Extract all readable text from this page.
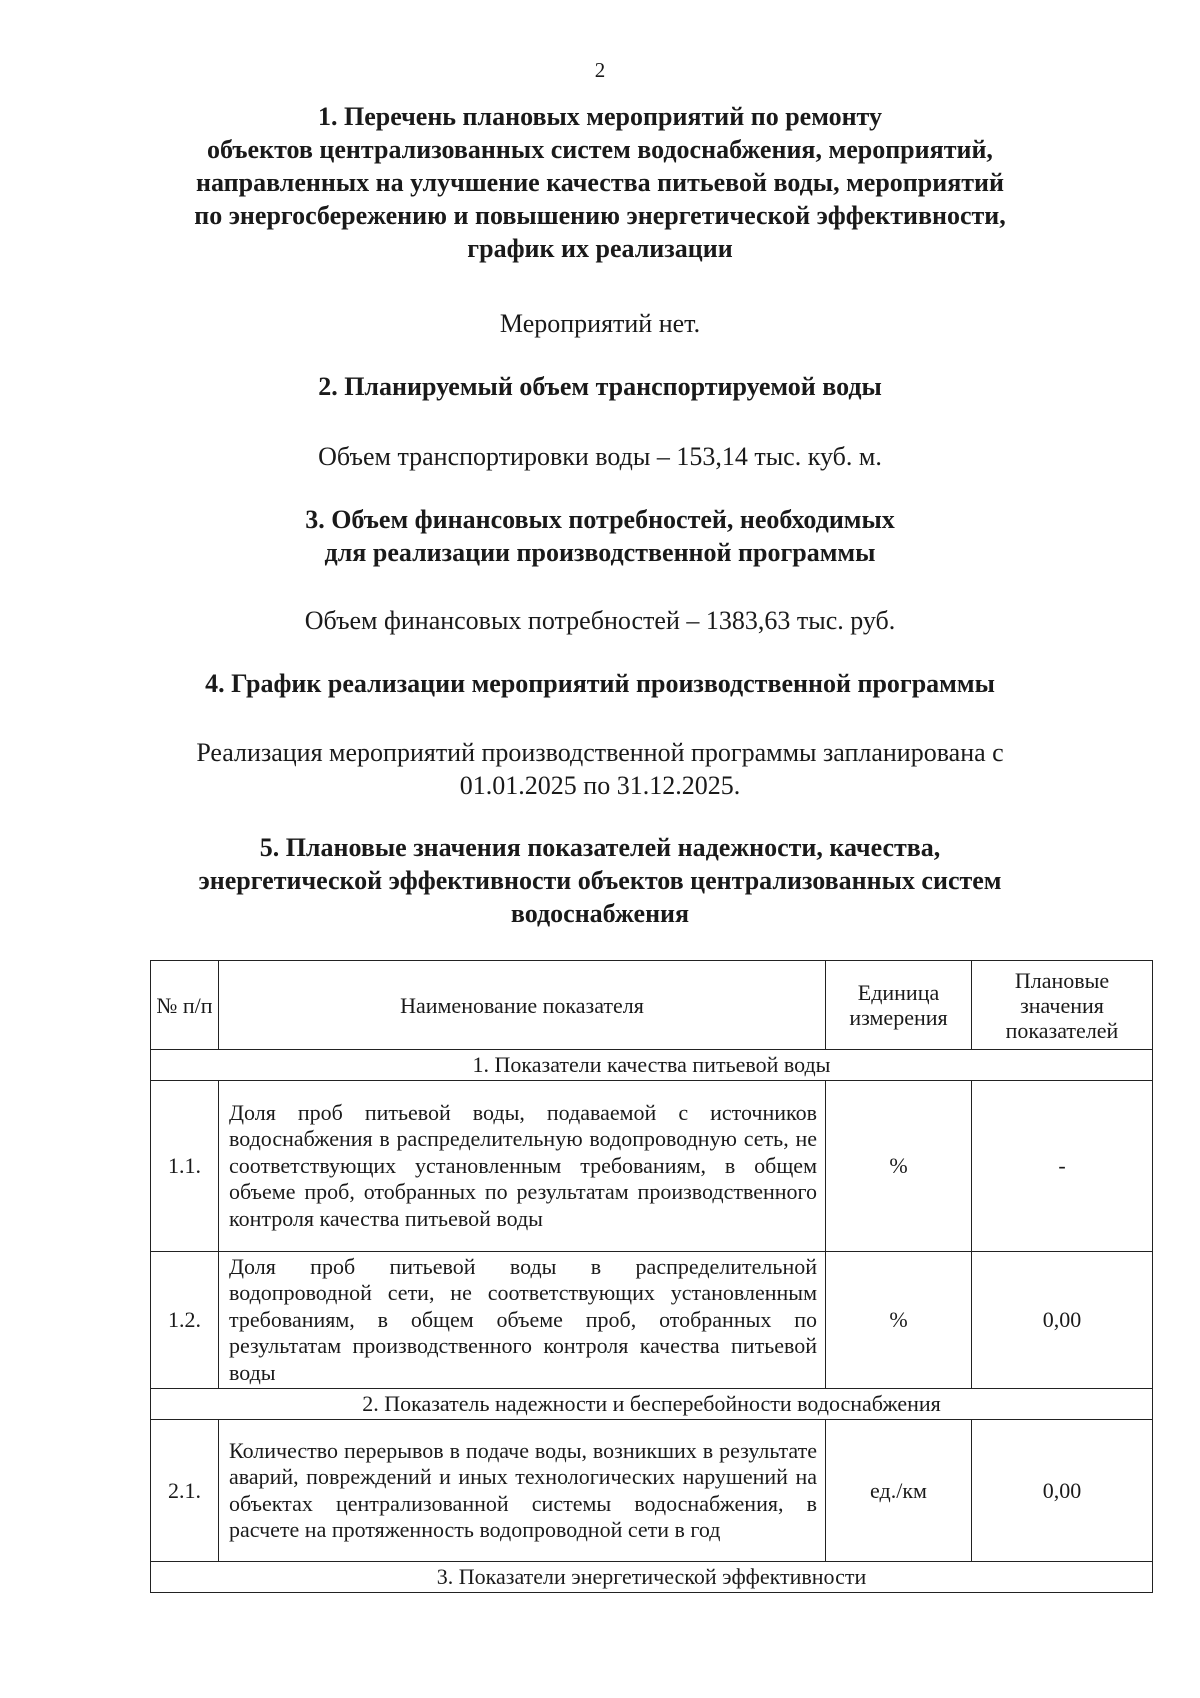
2
1. Перечень плановых мероприятий по ремонту
объектов централизованных систем водоснабжения, мероприятий,
направленных на улучшение качества питьевой воды, мероприятий
по энергосбережению и повышению энергетической эффективности,
график их реализации

Мероприятий нет.

2. Планируемый объем транспортируемой воды

Объем транспортировки воды – 153,14 тыс. куб. м.

3. Объем финансовых потребностей, необходимых
для реализации производственной программы

Объем финансовых потребностей – 1383,63 тыс. руб.

4. График реализации мероприятий производственной программы

Реализация мероприятий производственной программы запланирована с
01.01.2025 по 31.12.2025.

5. Плановые значения показателей надежности, качества,
энергетической эффективности объектов централизованных систем
водоснабжения
№ п/п	Наименование показателя	Единица измерения	Плановые значения показателей
1. Показатели качества питьевой воды			
1.1.	Доля проб питьевой воды, подаваемой с источников водоснабжения в распределительную водопроводную сеть, не соответствующих установленным требованиям, в общем объеме проб, отобранных по результатам производственного контроля качества питьевой воды	%	-
1.2.	Доля проб питьевой воды в распределительной водопроводной сети, не соответствующих установленным требованиям, в общем объеме проб, отобранных по результатам производственного контроля качества питьевой воды	%	0,00
2. Показатель надежности и бесперебойности водоснабжения			
2.1.	Количество перерывов в подаче воды, возникших в результате аварий, повреждений и иных технологических нарушений на объектах централизованной системы водоснабжения, в расчете на протяженность водопроводной сети в год	ед./км	0,00
3. Показатели энергетической эффективности			
